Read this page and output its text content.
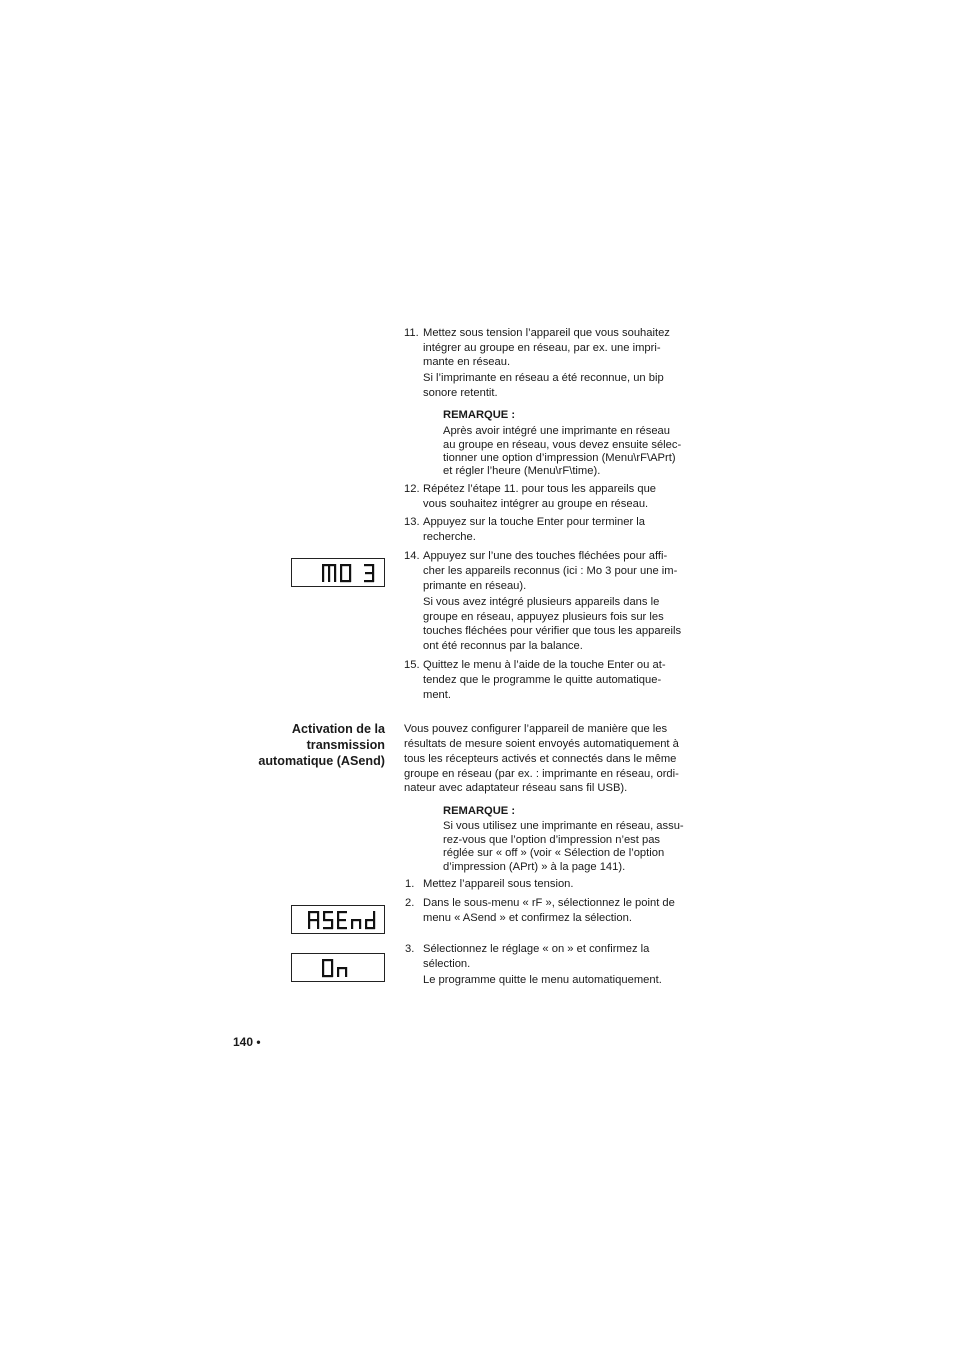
11. Mettez sous tension l’appareil que vous souhaitez
intégrer au groupe en réseau, par ex. une impri-
mante en réseau.
Si l’imprimante en réseau a été reconnue, un bip
sonore retentit.
REMARQUE :
Après avoir intégré une imprimante en réseau
au groupe en réseau, vous devez ensuite sélec-
tionner une option d’impression (Menu\rF\APrt)
et régler l’heure (Menu\rF\time).
12. Répétez l’étape 11. pour tous les appareils que
vous souhaitez intégrer au groupe en réseau.
13. Appuyez sur la touche Enter pour terminer la
recherche.
14. Appuyez sur l’une des touches fléchées pour affi-
cher les appareils reconnus (ici : Mo 3 pour une im-
primante en réseau).
Si vous avez intégré plusieurs appareils dans le
groupe en réseau, appuyez plusieurs fois sur les
touches fléchées pour vérifier que tous les appareils
ont été reconnus par la balance.
15. Quittez le menu à l’aide de la touche Enter ou at-
tendez que le programme le quitte automatique-
ment.
Activation de la
transmission
automatique (ASend)
Vous pouvez configurer l’appareil de manière que les
résultats de mesure soient envoyés automatiquement à
tous les récepteurs activés et connectés dans le même
groupe en réseau (par ex. : imprimante en réseau, ordi-
nateur avec adaptateur réseau sans fil USB).
REMARQUE :
Si vous utilisez une imprimante en réseau, assu-
rez-vous que l’option d’impression n’est pas
réglée sur « off » (voir « Sélection de l’option
d’impression (APrt) » à la page 141).
1. Mettez l’appareil sous tension.
2. Dans le sous-menu « rF », sélectionnez le point de
menu « ASend » et confirmez la sélection.
3. Sélectionnez le réglage « on » et confirmez la
sélection.
Le programme quitte le menu automatiquement.
140 •
